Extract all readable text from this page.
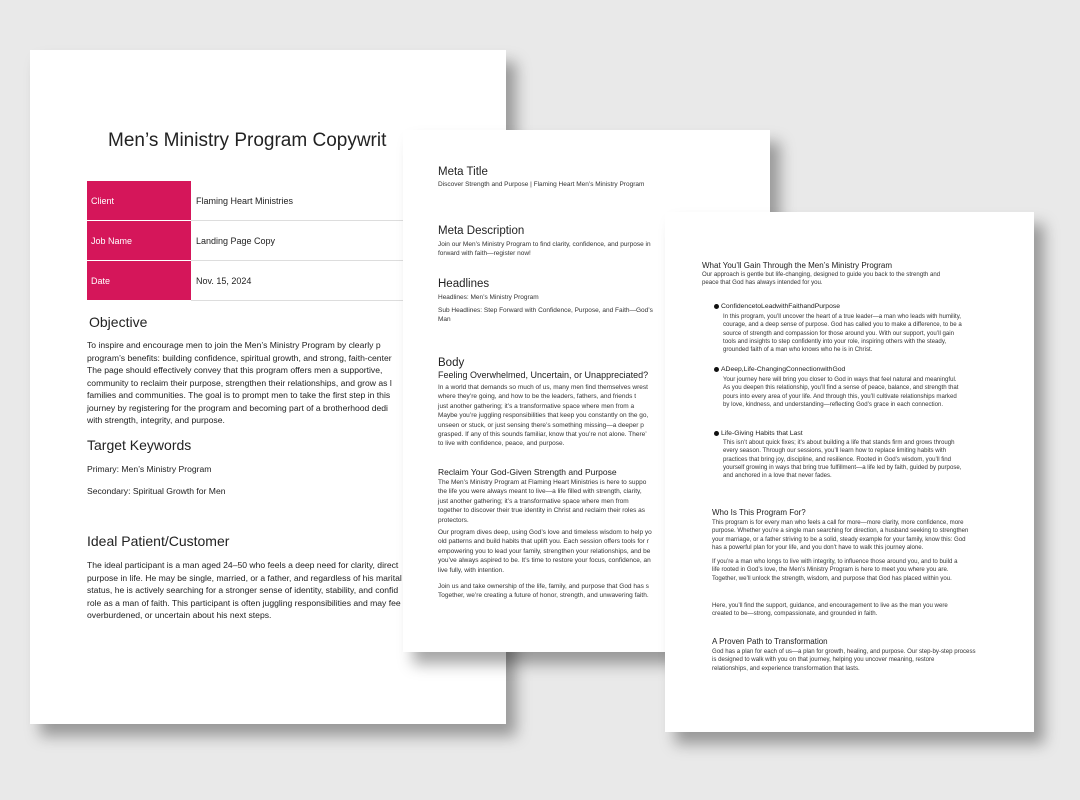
Men’s Ministry Program Copywrit
Client	Flaming Heart Ministries
Job Name	Landing Page Copy
Date	Nov. 15, 2024
Objective
To inspire and encourage men to join the Men’s Ministry Program by clearly p
program’s benefits: building confidence, spiritual growth, and strong, faith-center
The page should effectively convey that this program offers men a supportive,
community to reclaim their purpose, strengthen their relationships, and grow as l
families and communities. The goal is to prompt men to take the first step in this
journey by registering for the program and becoming part of a brotherhood dedi
with strength, integrity, and purpose.
Target Keywords
Primary: Men’s Ministry Program
Secondary: Spiritual Growth for Men
Ideal Patient/Customer
The ideal participant is a man aged 24–50 who feels a deep need for clarity, direct
purpose in life. He may be single, married, or a father, and regardless of his marital
status, he is actively searching for a stronger sense of identity, stability, and confid
role as a man of faith. This participant is often juggling responsibilities and may fee
overburdened, or uncertain about his next steps.
Meta Title
Discover Strength and Purpose | Flaming Heart Men’s Ministry Program
Meta Description
Join our Men’s Ministry Program to find clarity, confidence, and purpose in
forward with faith—register now!
Headlines
Headlines: Men’s Ministry Program
Sub Headlines: Step Forward with Confidence, Purpose, and Faith—God’s
Man
Body
Feeling Overwhelmed, Uncertain, or Unappreciated?
In a world that demands so much of us, many men find themselves wrest
where they’re going, and how to be the leaders, fathers, and friends t
just another gathering; it’s a transformative space where men from a
Maybe you’re juggling responsibilities that keep you constantly on the go,
unseen or stuck, or just sensing there’s something missing—a deeper p
grasped. If any of this sounds familiar, know that you’re not alone. There’
to live with confidence, peace, and purpose.
Reclaim Your God-Given Strength and Purpose
The Men’s Ministry Program at Flaming Heart Ministries is here to suppo
the life you were always meant to live—a life filled with strength, clarity,
just another gathering; it’s a transformative space where men from
together to discover their true identity in Christ and reclaim their roles as
protectors.
Our program dives deep, using God’s love and timeless wisdom to help yo
old patterns and build habits that uplift you. Each session offers tools for r
empowering you to lead your family, strengthen your relationships, and be
you’ve always aspired to be. It’s time to restore your focus, confidence, an
live fully, with intention.
Join us and take ownership of the life, family, and purpose that God has s
Together, we’re creating a future of honor, strength, and unwavering faith.
What You’ll Gain Through the Men’s Ministry Program
Our approach is gentle but life-changing, designed to guide you back to the strength and
peace that God has always intended for you.
ConfidencetoLeadwithFaithandPurpose
In this program, you’ll uncover the heart of a true leader—a man who leads with humility,
courage, and a deep sense of purpose. God has called you to make a difference, to be a
source of strength and compassion for those around you. With our support, you’ll gain
tools and insights to step confidently into your role, inspiring others with the steady,
grounded faith of a man who knows who he is in Christ.
ADeep,Life-ChangingConnectionwithGod
Your journey here will bring you closer to God in ways that feel natural and meaningful.
As you deepen this relationship, you’ll find a sense of peace, balance, and strength that
pours into every area of your life. And through this, you’ll cultivate relationships marked
by love, kindness, and understanding—reflecting God’s grace in each connection.
Life-Giving Habits that Last
This isn’t about quick fixes; it’s about building a life that stands firm and grows through
every season. Through our sessions, you’ll learn how to replace limiting habits with
practices that bring joy, discipline, and resilience. Rooted in God’s wisdom, you’ll find
yourself growing in ways that bring true fulfillment—a life led by faith, guided by purpose,
and anchored in a love that never fades.
Who Is This Program For?
This program is for every man who feels a call for more—more clarity, more confidence, more
purpose. Whether you’re a single man searching for direction, a husband seeking to strengthen
your marriage, or a father striving to be a solid, steady example for your family, know this: God
has a powerful plan for your life, and you don’t have to walk this journey alone.
If you’re a man who longs to live with integrity, to influence those around you, and to build a
life rooted in God’s love, the Men’s Ministry Program is here to meet you where you are.
Together, we’ll unlock the strength, wisdom, and purpose that God has placed within you.
Here, you’ll find the support, guidance, and encouragement to live as the man you were
created to be—strong, compassionate, and grounded in faith.
A Proven Path to Transformation
God has a plan for each of us—a plan for growth, healing, and purpose. Our step-by-step process
is designed to walk with you on that journey, helping you uncover meaning, restore
relationships, and experience transformation that lasts.
